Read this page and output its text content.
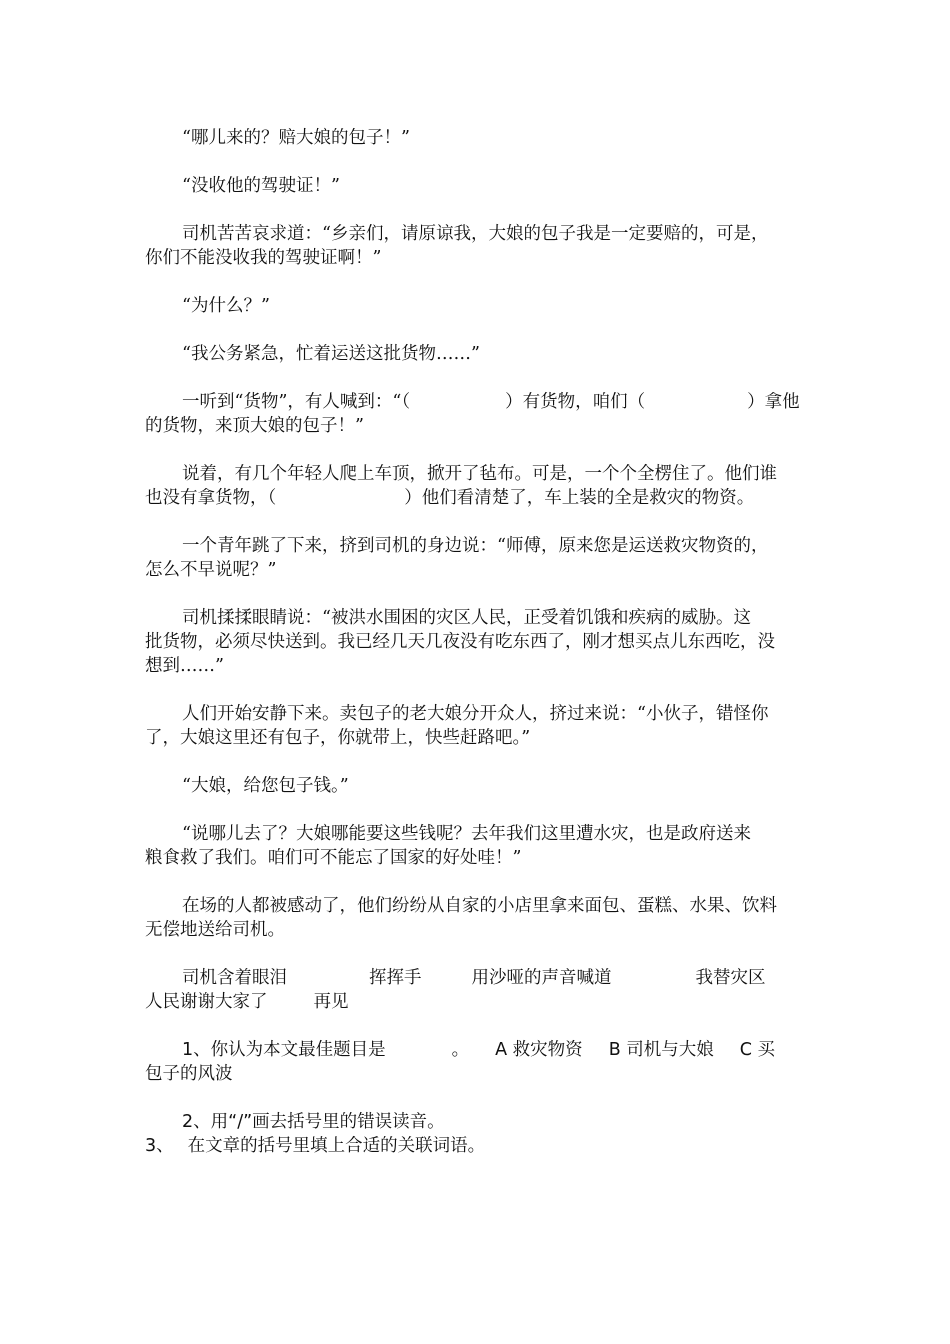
“哪儿来的？赔大娘的包子！”
“没收他的驾驶证！”
司机苦苦哀求道：“乡亲们，请原谅我，大娘的包子我是一定要赔的，可是，
你们不能没收我的驾驶证啊！”
“为什么？”
“我公务紧急，忙着运送这批货物……”
一听到“货物”，有人喊到：“（	）有货物，咱们（	）拿他
的货物，来顶大娘的包子！”
说着，有几个年轻人爬上车顶，掀开了毡布。可是，一个个全楞住了。他们谁
也没有拿货物，（	）他们看清楚了，车上装的全是救灾的物资。
一个青年跳了下来，挤到司机的身边说：“师傅，原来您是运送救灾物资的，
怎么不早说呢？”
司机揉揉眼睛说：“被洪水围困的灾区人民，正受着饥饿和疾病的威胁。这
批货物，必须尽快送到。我已经几天几夜没有吃东西了，刚才想买点儿东西吃，没
想到……”
人们开始安静下来。卖包子的老大娘分开众人，挤过来说：“小伙子，错怪你
了，大娘这里还有包子，你就带上，快些赶路吧。”
“大娘，给您包子钱。”
“说哪儿去了？大娘哪能要这些钱呢？去年我们这里遭水灾，也是政府送来
粮食救了我们。咱们可不能忘了国家的好处哇！”
在场的人都被感动了，他们纷纷从自家的小店里拿来面包、蛋糕、水果、饮料
无偿地送给司机。
司机含着眼泪	挥挥手	用沙哑的声音喊道	我替灾区
人民谢谢大家了	再见
1、你认为本文最佳题目是	。 A 救灾物资 B 司机与大娘 C 买
包子的风波
2、用“/”画去括号里的错误读音。
3、 在文章的括号里填上合适的关联词语。
